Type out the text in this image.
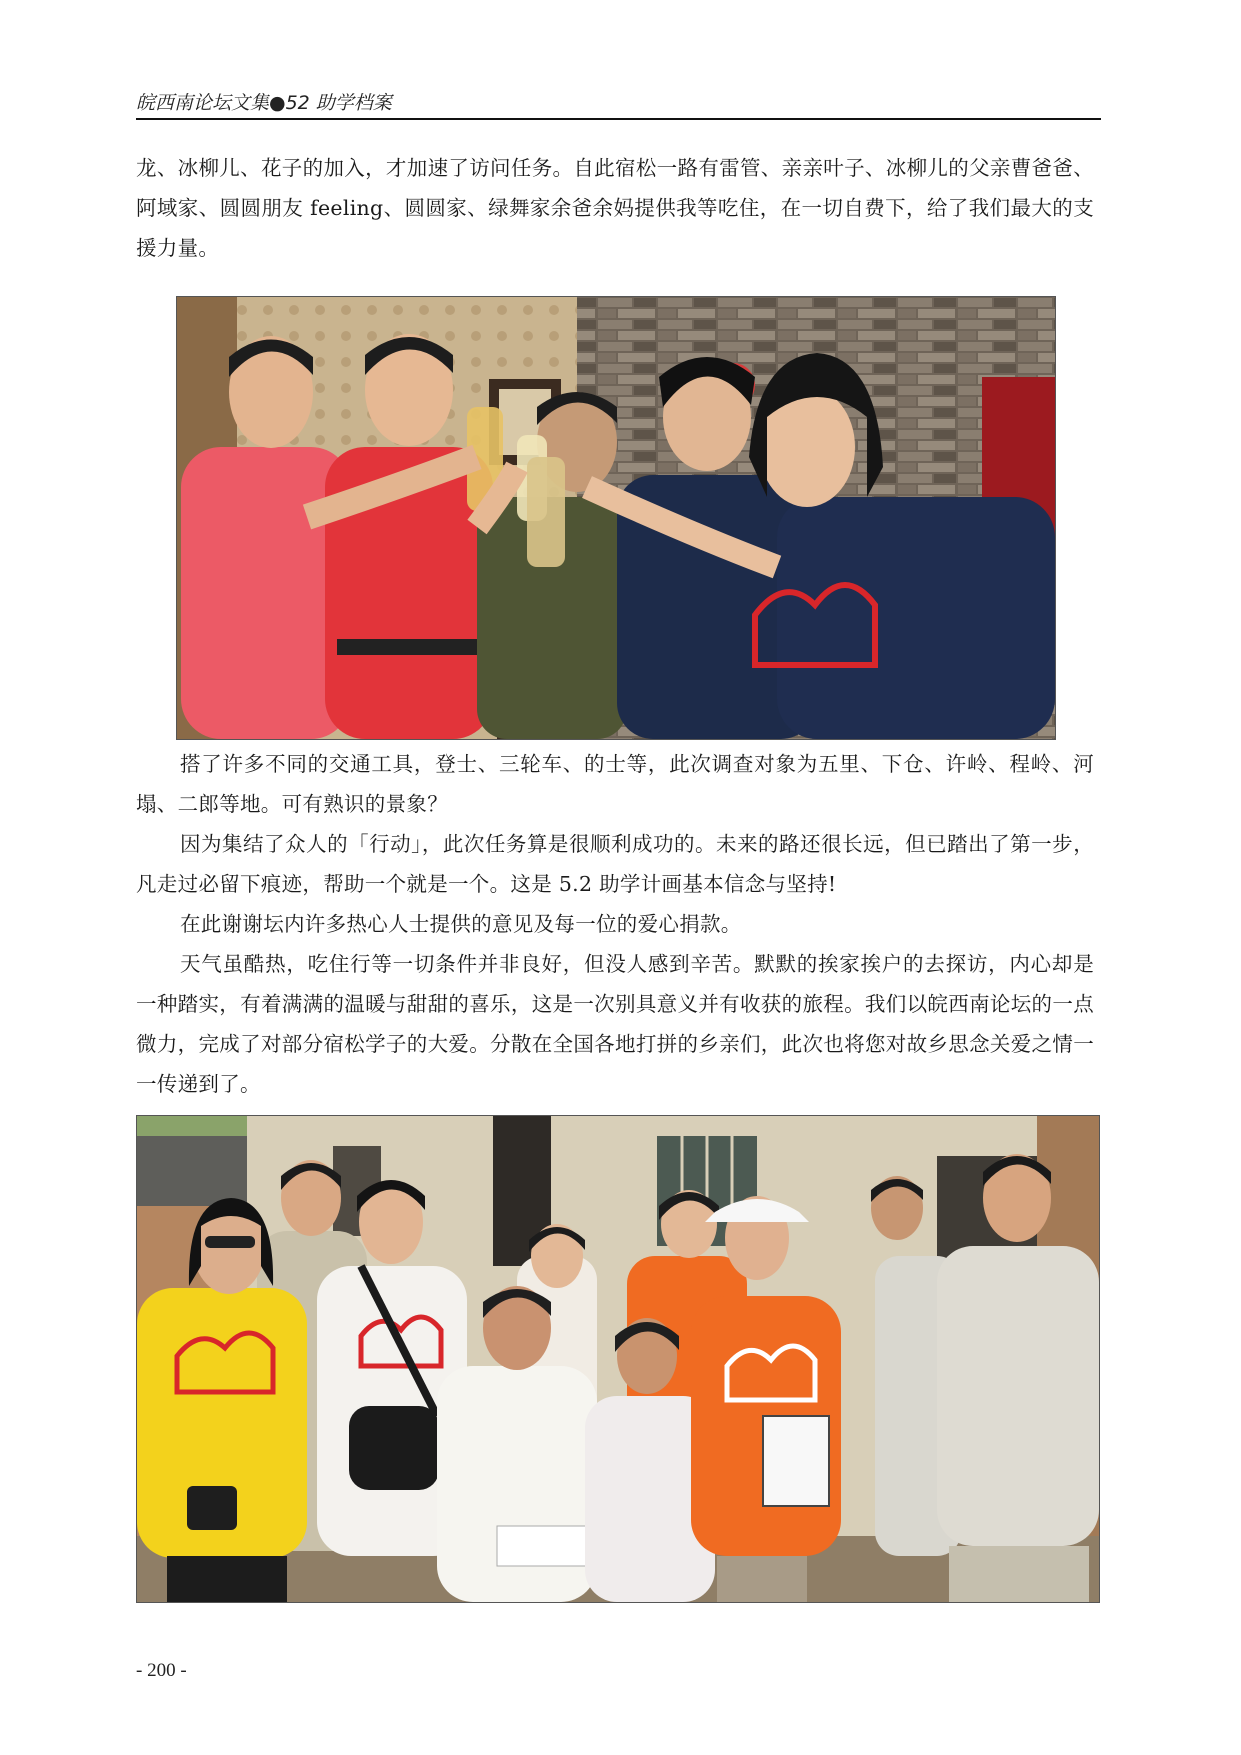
皖西南论坛文集●52 助学档案

龙、冰柳儿、花子的加入，才加速了访问任务。自此宿松一路有雷管、亲亲叶子、冰柳儿的父亲曹爸爸、阿域家、圆圆朋友 feeling、圆圆家、绿舞家余爸余妈提供我等吃住，在一切自费下，给了我们最大的支援力量。

搭了许多不同的交通工具，登士、三轮车、的士等，此次调查对象为五里、下仓、许岭、程岭、河塌、二郎等地。可有熟识的景象？

因为集结了众人的「行动」，此次任务算是很顺利成功的。未来的路还很长远，但已踏出了第一步，凡走过必留下痕迹，帮助一个就是一个。这是 5.2 助学计画基本信念与坚持!

在此谢谢坛内许多热心人士提供的意见及每一位的爱心捐款。

天气虽酷热，吃住行等一切条件并非良好，但没人感到辛苦。默默的挨家挨户的去探访，内心却是一种踏实，有着满满的温暖与甜甜的喜乐，这是一次别具意义并有收获的旅程。我们以皖西南论坛的一点微力，完成了对部分宿松学子的大爱。分散在全国各地打拼的乡亲们，此次也将您对故乡思念关爱之情一一传递到了。

- 200 -
